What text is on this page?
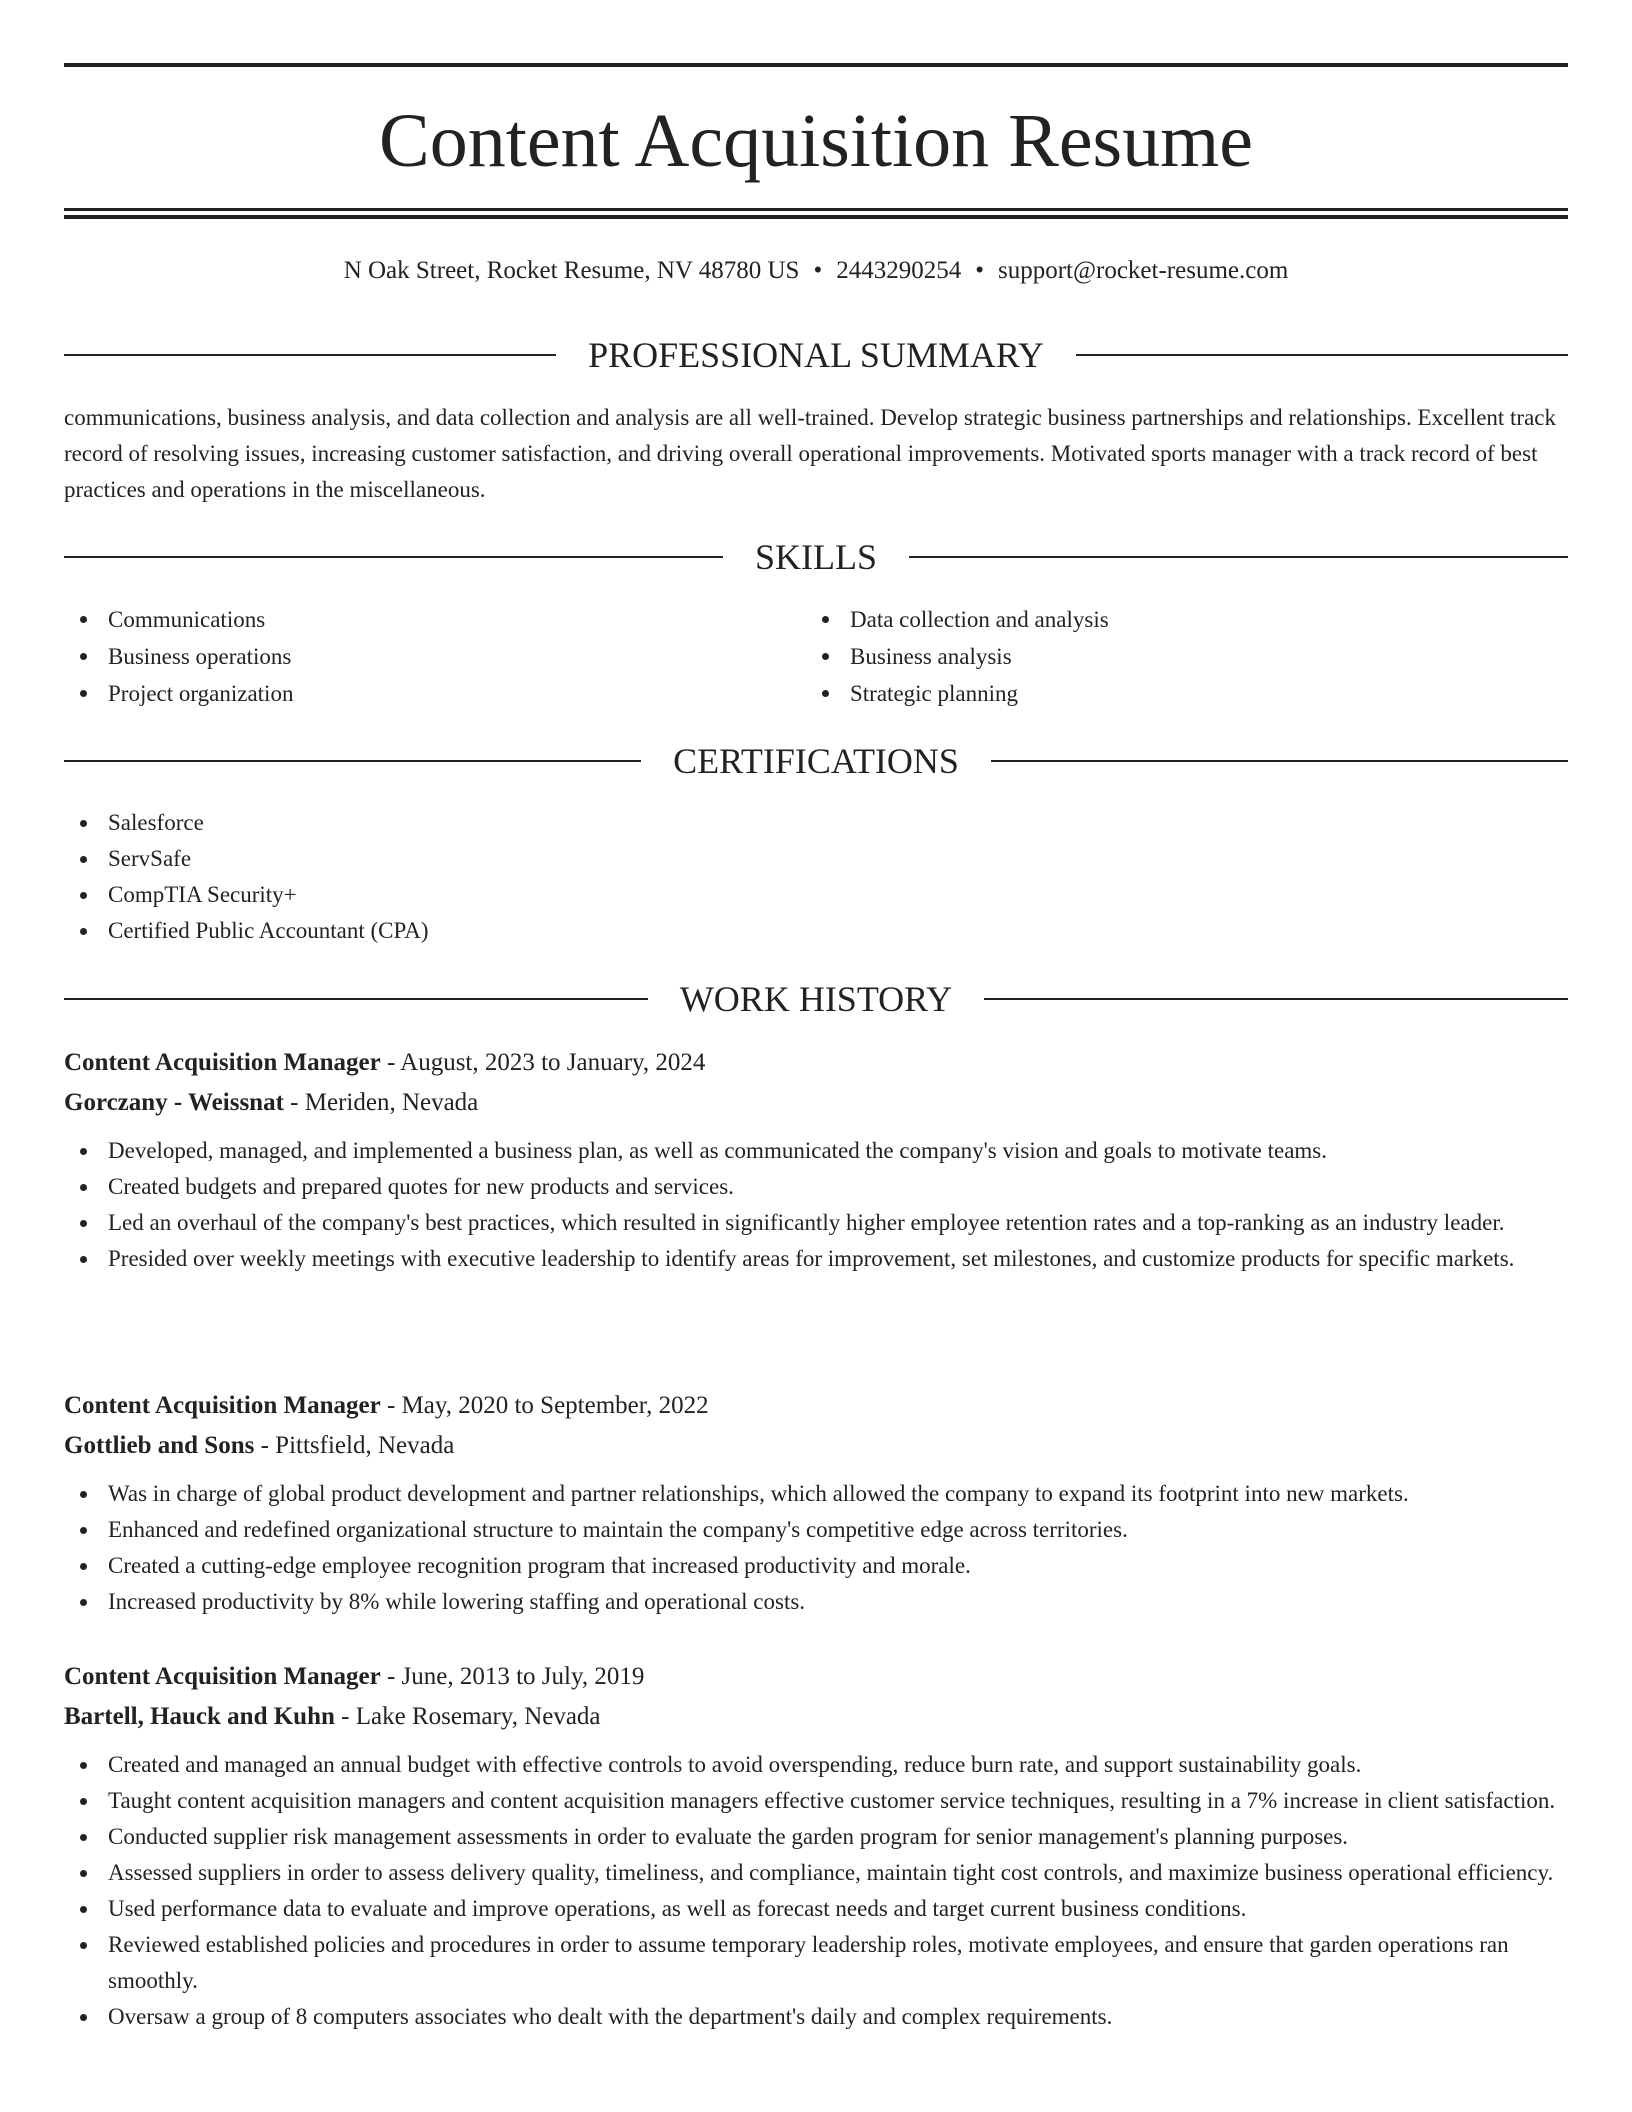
Content Acquisition Resume
N Oak Street, Rocket Resume, NV 48780 US • 2443290254 • support@rocket-resume.com
PROFESSIONAL SUMMARY

communications, business analysis, and data collection and analysis are all well-trained. Develop strategic business partnerships and relationships. Excellent track record of resolving issues, increasing customer satisfaction, and driving overall operational improvements. Motivated sports manager with a track record of best practices and operations in the miscellaneous.

SKILLS
Communications
Business operations
Project organization
Data collection and analysis
Business analysis
Strategic planning
CERTIFICATIONS
Salesforce
ServSafe
CompTIA Security+
Certified Public Accountant (CPA)
WORK HISTORY
Content Acquisition Manager - August, 2023 to January, 2024
Gorczany - Weissnat - Meriden, Nevada
Developed, managed, and implemented a business plan, as well as communicated the company's vision and goals to motivate teams.
Created budgets and prepared quotes for new products and services.
Led an overhaul of the company's best practices, which resulted in significantly higher employee retention rates and a top-ranking as an industry leader.
Presided over weekly meetings with executive leadership to identify areas for improvement, set milestones, and customize products for specific markets.
Content Acquisition Manager - May, 2020 to September, 2022
Gottlieb and Sons - Pittsfield, Nevada
Was in charge of global product development and partner relationships, which allowed the company to expand its footprint into new markets.
Enhanced and redefined organizational structure to maintain the company's competitive edge across territories.
Created a cutting-edge employee recognition program that increased productivity and morale.
Increased productivity by 8% while lowering staffing and operational costs.
Content Acquisition Manager - June, 2013 to July, 2019
Bartell, Hauck and Kuhn - Lake Rosemary, Nevada
Created and managed an annual budget with effective controls to avoid overspending, reduce burn rate, and support sustainability goals.
Taught content acquisition managers and content acquisition managers effective customer service techniques, resulting in a 7% increase in client satisfaction.
Conducted supplier risk management assessments in order to evaluate the garden program for senior management's planning purposes.
Assessed suppliers in order to assess delivery quality, timeliness, and compliance, maintain tight cost controls, and maximize business operational efficiency.
Used performance data to evaluate and improve operations, as well as forecast needs and target current business conditions.
Reviewed established policies and procedures in order to assume temporary leadership roles, motivate employees, and ensure that garden operations ran smoothly.
Oversaw a group of 8 computers associates who dealt with the department's daily and complex requirements.
